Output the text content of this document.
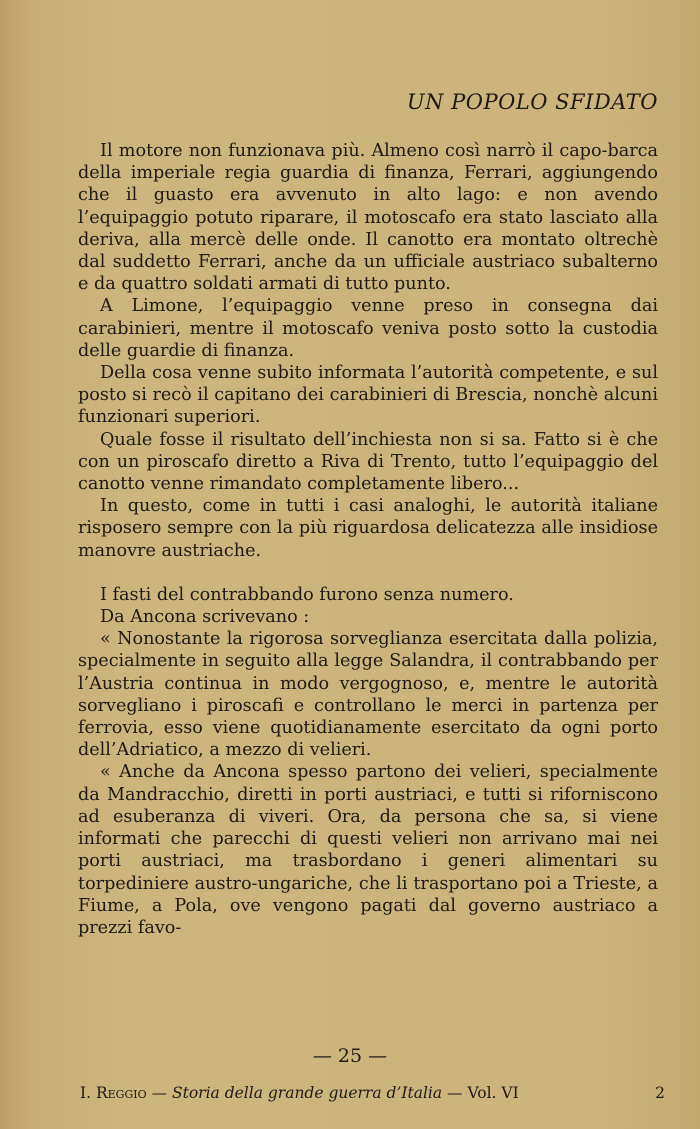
UN POPOLO SFIDATO

Il motore non funzionava più. Almeno così narrò il capo-barca della imperiale regia guardia di finanza, Ferrari, aggiungendo che il guasto era avvenuto in alto lago: e non avendo l’equipaggio potuto riparare, il motoscafo era stato lasciato alla deriva, alla mercè delle onde. Il canotto era montato oltrechè dal suddetto Ferrari, anche da un ufficiale austriaco subalterno e da quattro soldati armati di tutto punto.

A Limone, l’equipaggio venne preso in consegna dai carabinieri, mentre il motoscafo veniva posto sotto la custodia delle guardie di finanza.

Della cosa venne subito informata l’autorità competente, e sul posto si recò il capitano dei carabinieri di Brescia, nonchè alcuni funzionari superiori.

Quale fosse il risultato dell’inchiesta non si sa. Fatto si è che con un piroscafo diretto a Riva di Trento, tutto l’equipaggio del canotto venne rimandato completamente libero...

In questo, come in tutti i casi analoghi, le autorità italiane risposero sempre con la più riguardosa delicatezza alle insidiose manovre austriache.

I fasti del contrabbando furono senza numero.

Da Ancona scrivevano :

« Nonostante la rigorosa sorveglianza esercitata dalla polizia, specialmente in seguito alla legge Salandra, il contrabbando per l’Austria continua in modo vergognoso, e, mentre le autorità sorvegliano i piroscafi e controllano le merci in partenza per ferrovia, esso viene quotidianamente esercitato da ogni porto dell’Adriatico, a mezzo di velieri.

« Anche da Ancona spesso partono dei velieri, specialmente da Mandracchio, diretti in porti austriaci, e tutti si riforniscono ad esuberanza di viveri. Ora, da persona che sa, si viene informati che parecchi di questi velieri non arrivano mai nei porti austriaci, ma trasbordano i generi alimentari su torpediniere austro-ungariche, che li trasportano poi a Trieste, a Fiume, a Pola, ove vengono pagati dal governo austriaco a prezzi favo-

— 25 —
I. Reggio — Storia della grande guerra d’Italia — Vol. VI	2
